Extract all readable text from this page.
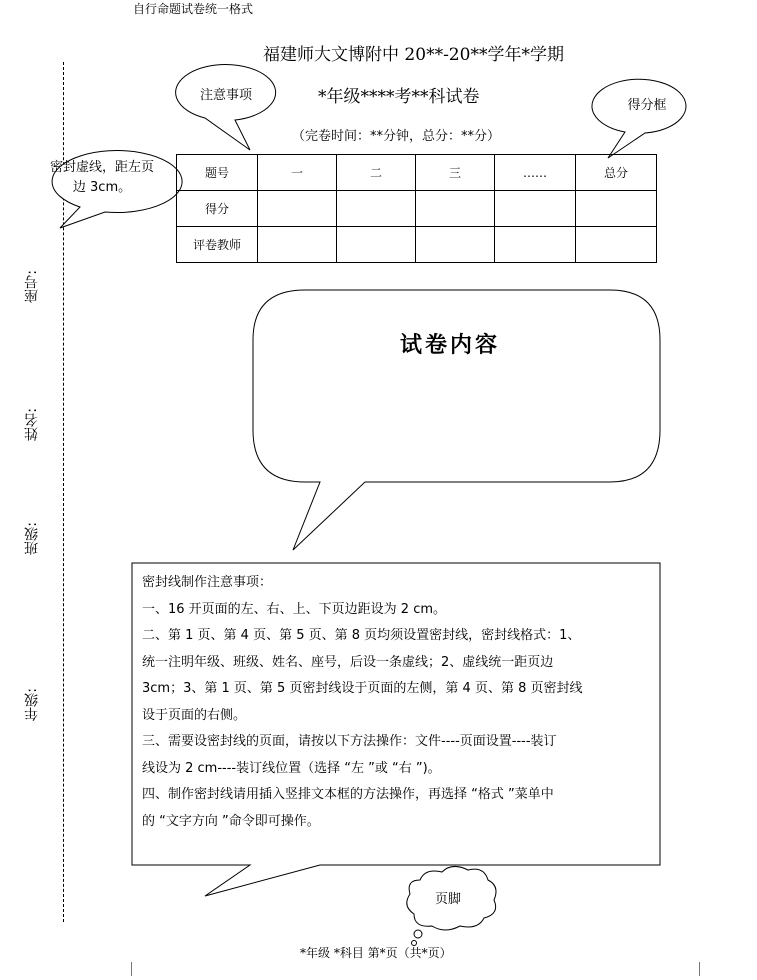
自行命题试卷统一格式
福建师大文博附中 20**-20**学年*学期
*年级****考**科试卷
（完卷时间：**分钟，总分：**分）
座号:
姓名:
班级:
年级:
注意事项
得分框
密封虚线，距左页边 3cm。
页脚
题号	一	二	三	……	总分
得分					
评卷教师					
试卷内容
密封线制作注意事项：
一、16 开页面的左、右、上、下页边距设为 2 cm。
二、第 1 页、第 4 页、第 5 页、第 8 页均须设置密封线，密封线格式：1、
统一注明年级、班级、姓名、座号，后设一条虚线；2、虚线统一距页边
3cm；3、第 1 页、第 5 页密封线设于页面的左侧，第 4 页、第 8 页密封线
设于页面的右侧。
三、需要设密封线的页面，请按以下方法操作：文件----页面设置----装订
线设为 2 cm----装订线位置（选择 “左 ”或 “右 ”)。
四、制作密封线请用插入竖排文本框的方法操作，再选择 “格式 ”菜单中
的 “文字方向 ”命令即可操作。
*年级 *科目 第*页（共*页）
